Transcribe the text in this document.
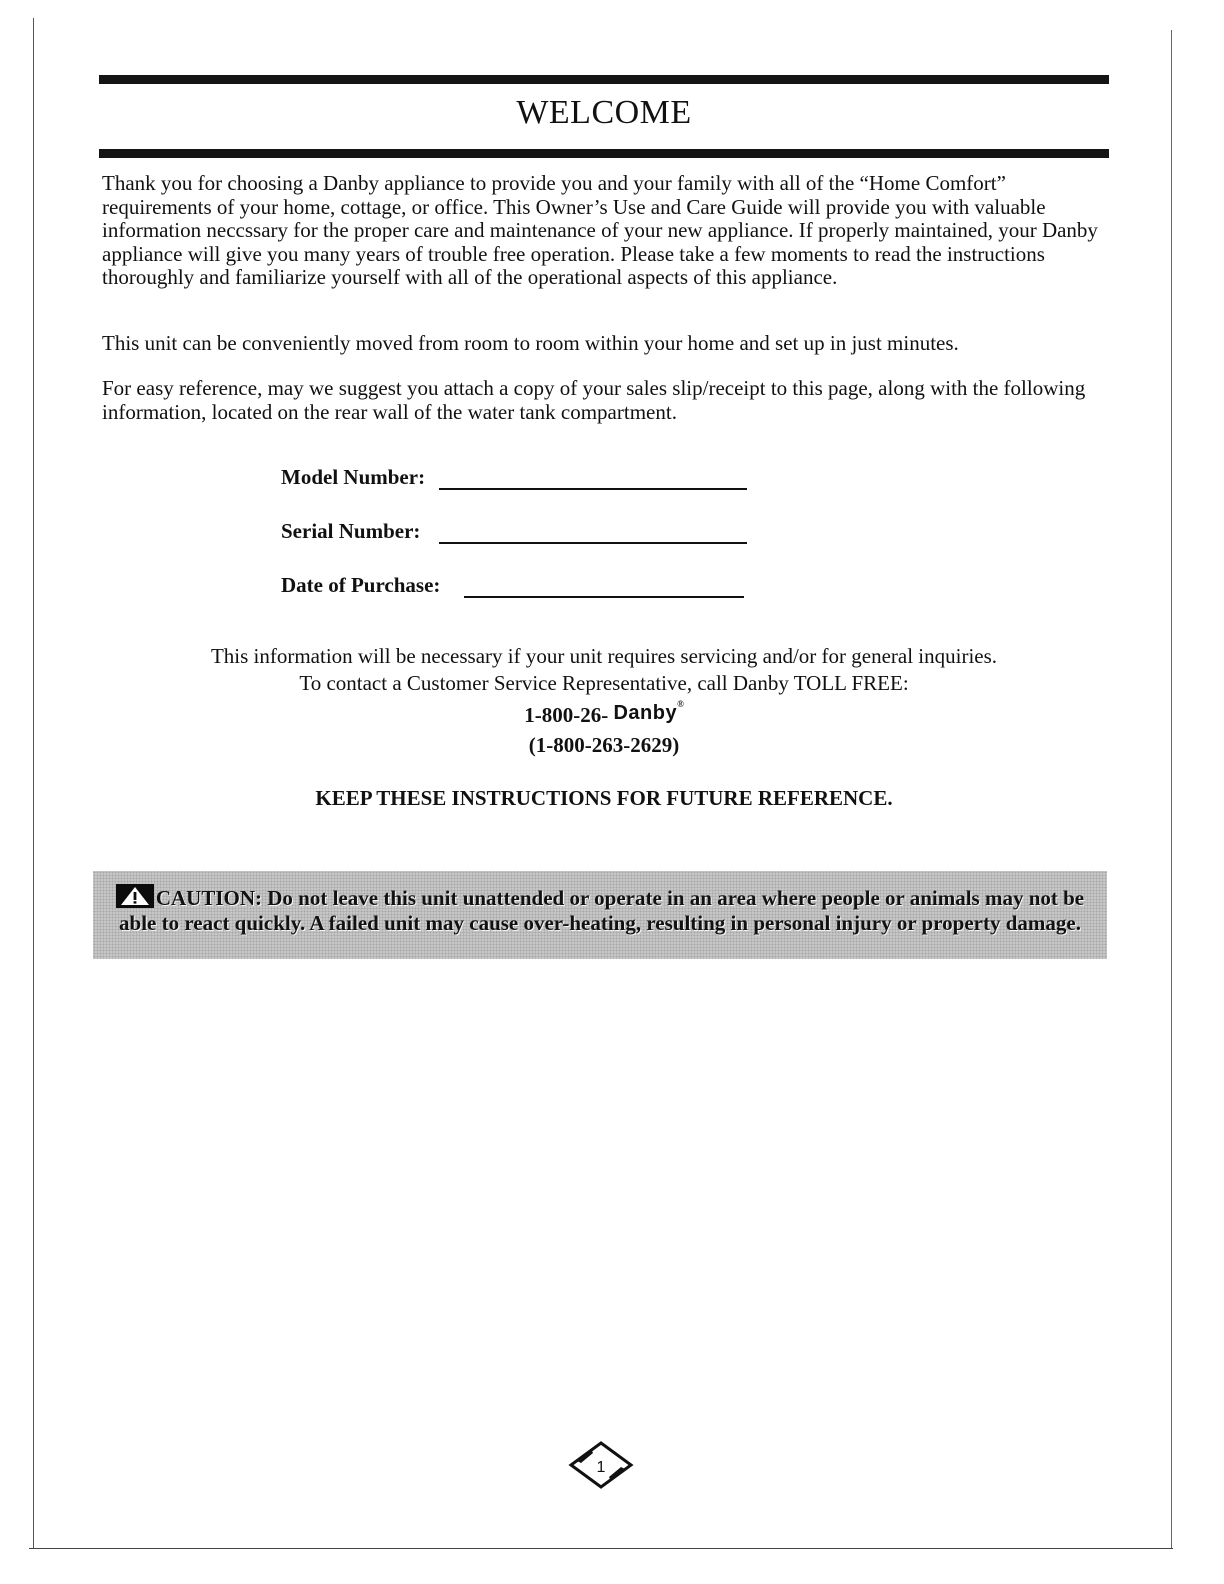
WELCOME

Thank you for choosing a Danby appliance to provide you and your family with all of the “Home Comfort” requirements of your home, cottage, or office. This Owner’s Use and Care Guide will provide you with valuable information neccssary for the proper care and maintenance of your new appliance. If properly maintained, your Danby appliance will give you many years of trouble free operation. Please take a few moments to read the instructions thoroughly and familiarize yourself with all of the operational aspects of this appliance.

This unit can be conveniently moved from room to room within your home and set up in just minutes.

For easy reference, may we suggest you attach a copy of your sales slip/receipt to this page, along with the following information, located on the rear wall of the water tank compartment.

Model Number:
Serial Number:
Date of Purchase:

This information will be necessary if your unit requires servicing and/or for general inquiries.

To contact a Customer Service Representative, call Danby TOLL FREE:

1-800-26- Danby®

(1-800-263-2629)

KEEP THESE INSTRUCTIONS FOR FUTURE REFERENCE.

CAUTION: Do not leave this unit unattended or operate in an area where people or animals may not be able to react quickly. A failed unit may cause over-heating, resulting in personal injury or property damage.

1
